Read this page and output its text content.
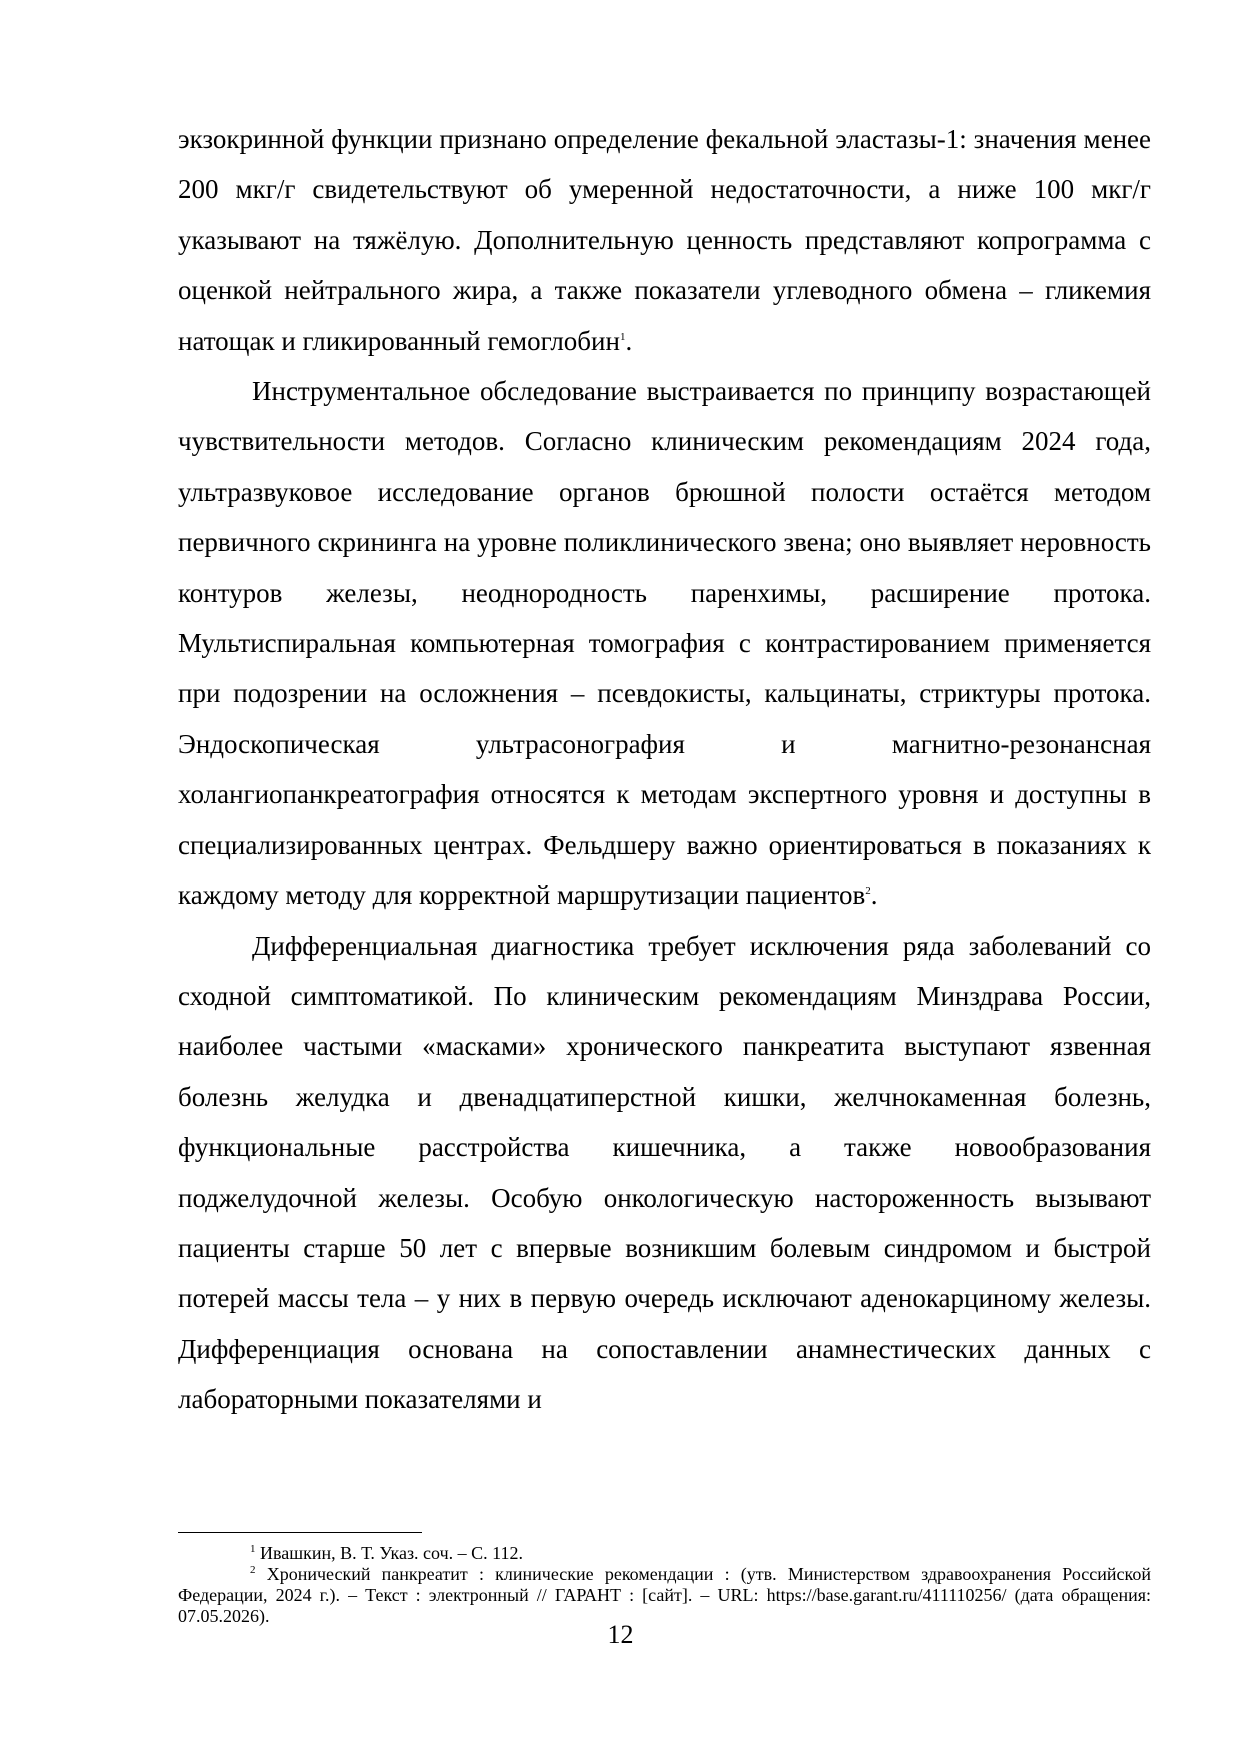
экзокринной функции признано определение фекальной эластазы-1: значения менее 200 мкг/г свидетельствуют об умеренной недостаточности, а ниже 100 мкг/г указывают на тяжёлую. Дополнительную ценность представляют копрограмма с оценкой нейтрального жира, а также показатели углеводного обмена – гликемия натощак и гликированный гемоглобин$^1$.

Инструментальное обследование выстраивается по принципу возрастающей чувствительности методов. Согласно клиническим рекомендациям 2024 года, ультразвуковое исследование органов брюшной полости остаётся методом первичного скрининга на уровне поликлинического звена; оно выявляет неровность контуров железы, неоднородность паренхимы, расширение протока. Мультиспиральная компьютерная томография с контрастированием применяется при подозрении на осложнения – псевдокисты, кальцинаты, стриктуры протока. Эндоскопическая ультрасонография и магнитно-резонансная холангиопанкреатография относятся к методам экспертного уровня и доступны в специализированных центрах. Фельдшеру важно ориентироваться в показаниях к каждому методу для корректной маршрутизации пациентов$^2$.

Дифференциальная диагностика требует исключения ряда заболеваний со сходной симптоматикой. По клиническим рекомендациям Минздрава России, наиболее частыми «масками» хронического панкреатита выступают язвенная болезнь желудка и двенадцатиперстной кишки, желчнокаменная болезнь, функциональные расстройства кишечника, а также новообразования поджелудочной железы. Особую онкологическую настороженность вызывают пациенты старше 50 лет с впервые возникшим болевым синдромом и быстрой потерей массы тела – у них в первую очередь исключают аденокарциному железы. Дифференциация основана на сопоставлении анамнестических данных с лабораторными показателями и

$^1$ Ивашкин, В. Т. Указ. соч. – С. 112.

$^2$ Хронический панкреатит : клинические рекомендации : (утв. Министерством здравоохранения Российской Федерации, 2024 г.). – Текст : электронный // ГАРАНТ : [сайт]. – URL: https://base.garant.ru/411110256/ (дата обращения: 07.05.2026).

12
